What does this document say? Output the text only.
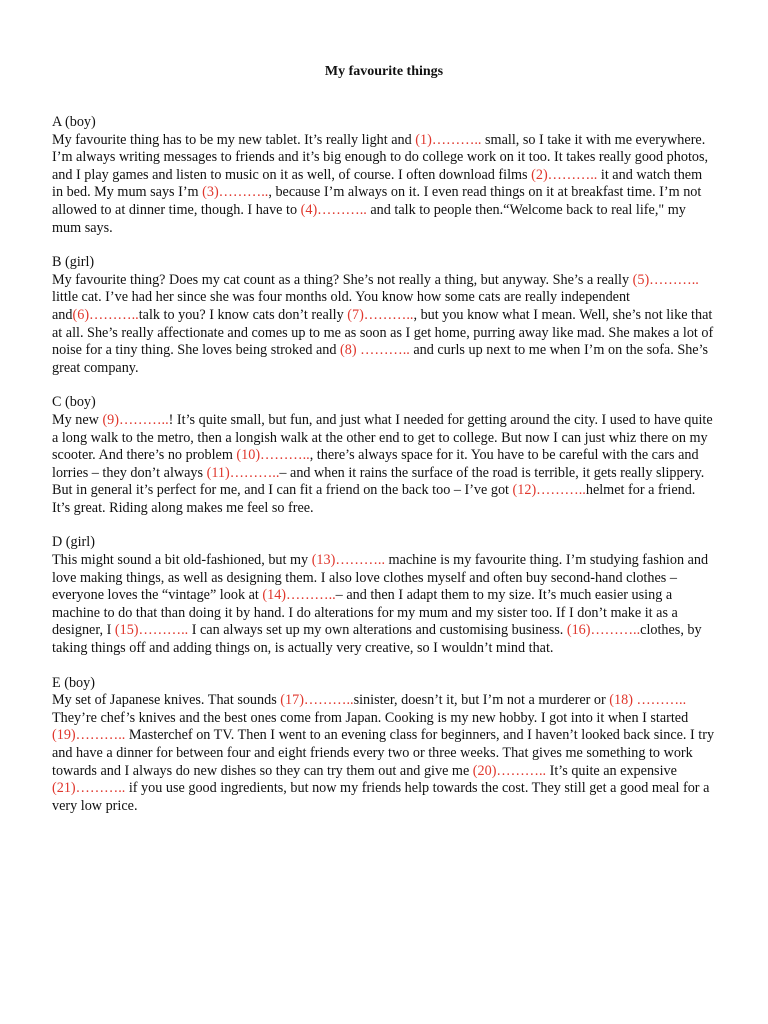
My favourite things
A (boy)
My favourite thing has to be my new tablet. It’s really light and (1)……….. small, so I take it with me everywhere. I’m always writing messages to friends and it’s big enough to do college work on it too. It takes really good photos, and I play games and listen to music on it as well, of course. I often download films (2)……….. it and watch them in bed. My mum says I’m (3)……….., because I’m always on it. I even read things on it at breakfast time. I’m not allowed to at dinner time, though. I have to (4)……….. and talk to people then.“Welcome back to real life," my mum says.
B (girl)
My favourite thing? Does my cat count as a thing? She’s not really a thing, but anyway. She’s a really (5)……….. little cat. I’ve had her since she was four months old. You know how some cats are really independent and(6)………..talk to you? I know cats don’t really (7)……….., but you know what I mean. Well, she’s not like that at all. She’s really affectionate and comes up to me as soon as I get home, purring away like mad. She makes a lot of noise for a tiny thing. She loves being stroked and (8) ……….. and curls up next to me when I’m on the sofa. She’s great company.
C (boy)
My new (9)………..! It’s quite small, but fun, and just what I needed for getting around the city. I used to have quite a long walk to the metro, then a longish walk at the other end to get to college. But now I can just whiz there on my scooter. And there’s no problem (10)……….., there’s always space for it. You have to be careful with the cars and lorries – they don’t always (11)………..– and when it rains the surface of the road is terrible, it gets really slippery. But in general it’s perfect for me, and I can fit a friend on the back too – I’ve got (12)………..helmet for a friend. It’s great. Riding along makes me feel so free.
D (girl)
This might sound a bit old-fashioned, but my (13)……….. machine is my favourite thing. I’m studying fashion and love making things, as well as designing them. I also love clothes myself and often buy second-hand clothes – everyone loves the “vintage” look at (14)………..– and then I adapt them to my size. It’s much easier using a machine to do that than doing it by hand. I do alterations for my mum and my sister too. If I don’t make it as a designer, I (15)……….. I can always set up my own alterations and customising business. (16)………..clothes, by taking things off and adding things on, is actually very creative, so I wouldn’t mind that.
E (boy)
My set of Japanese knives. That sounds (17)………..sinister, doesn’t it, but I’m not a murderer or (18) ……….. They’re chef’s knives and the best ones come from Japan. Cooking is my new hobby. I got into it when I started (19)……….. Masterchef on TV. Then I went to an evening class for beginners, and I haven’t looked back since. I try and have a dinner for between four and eight friends every two or three weeks. That gives me something to work towards and I always do new dishes so they can try them out and give me (20)……….. It’s quite an expensive (21)……….. if you use good ingredients, but now my friends help towards the cost. They still get a good meal for a very low price.
